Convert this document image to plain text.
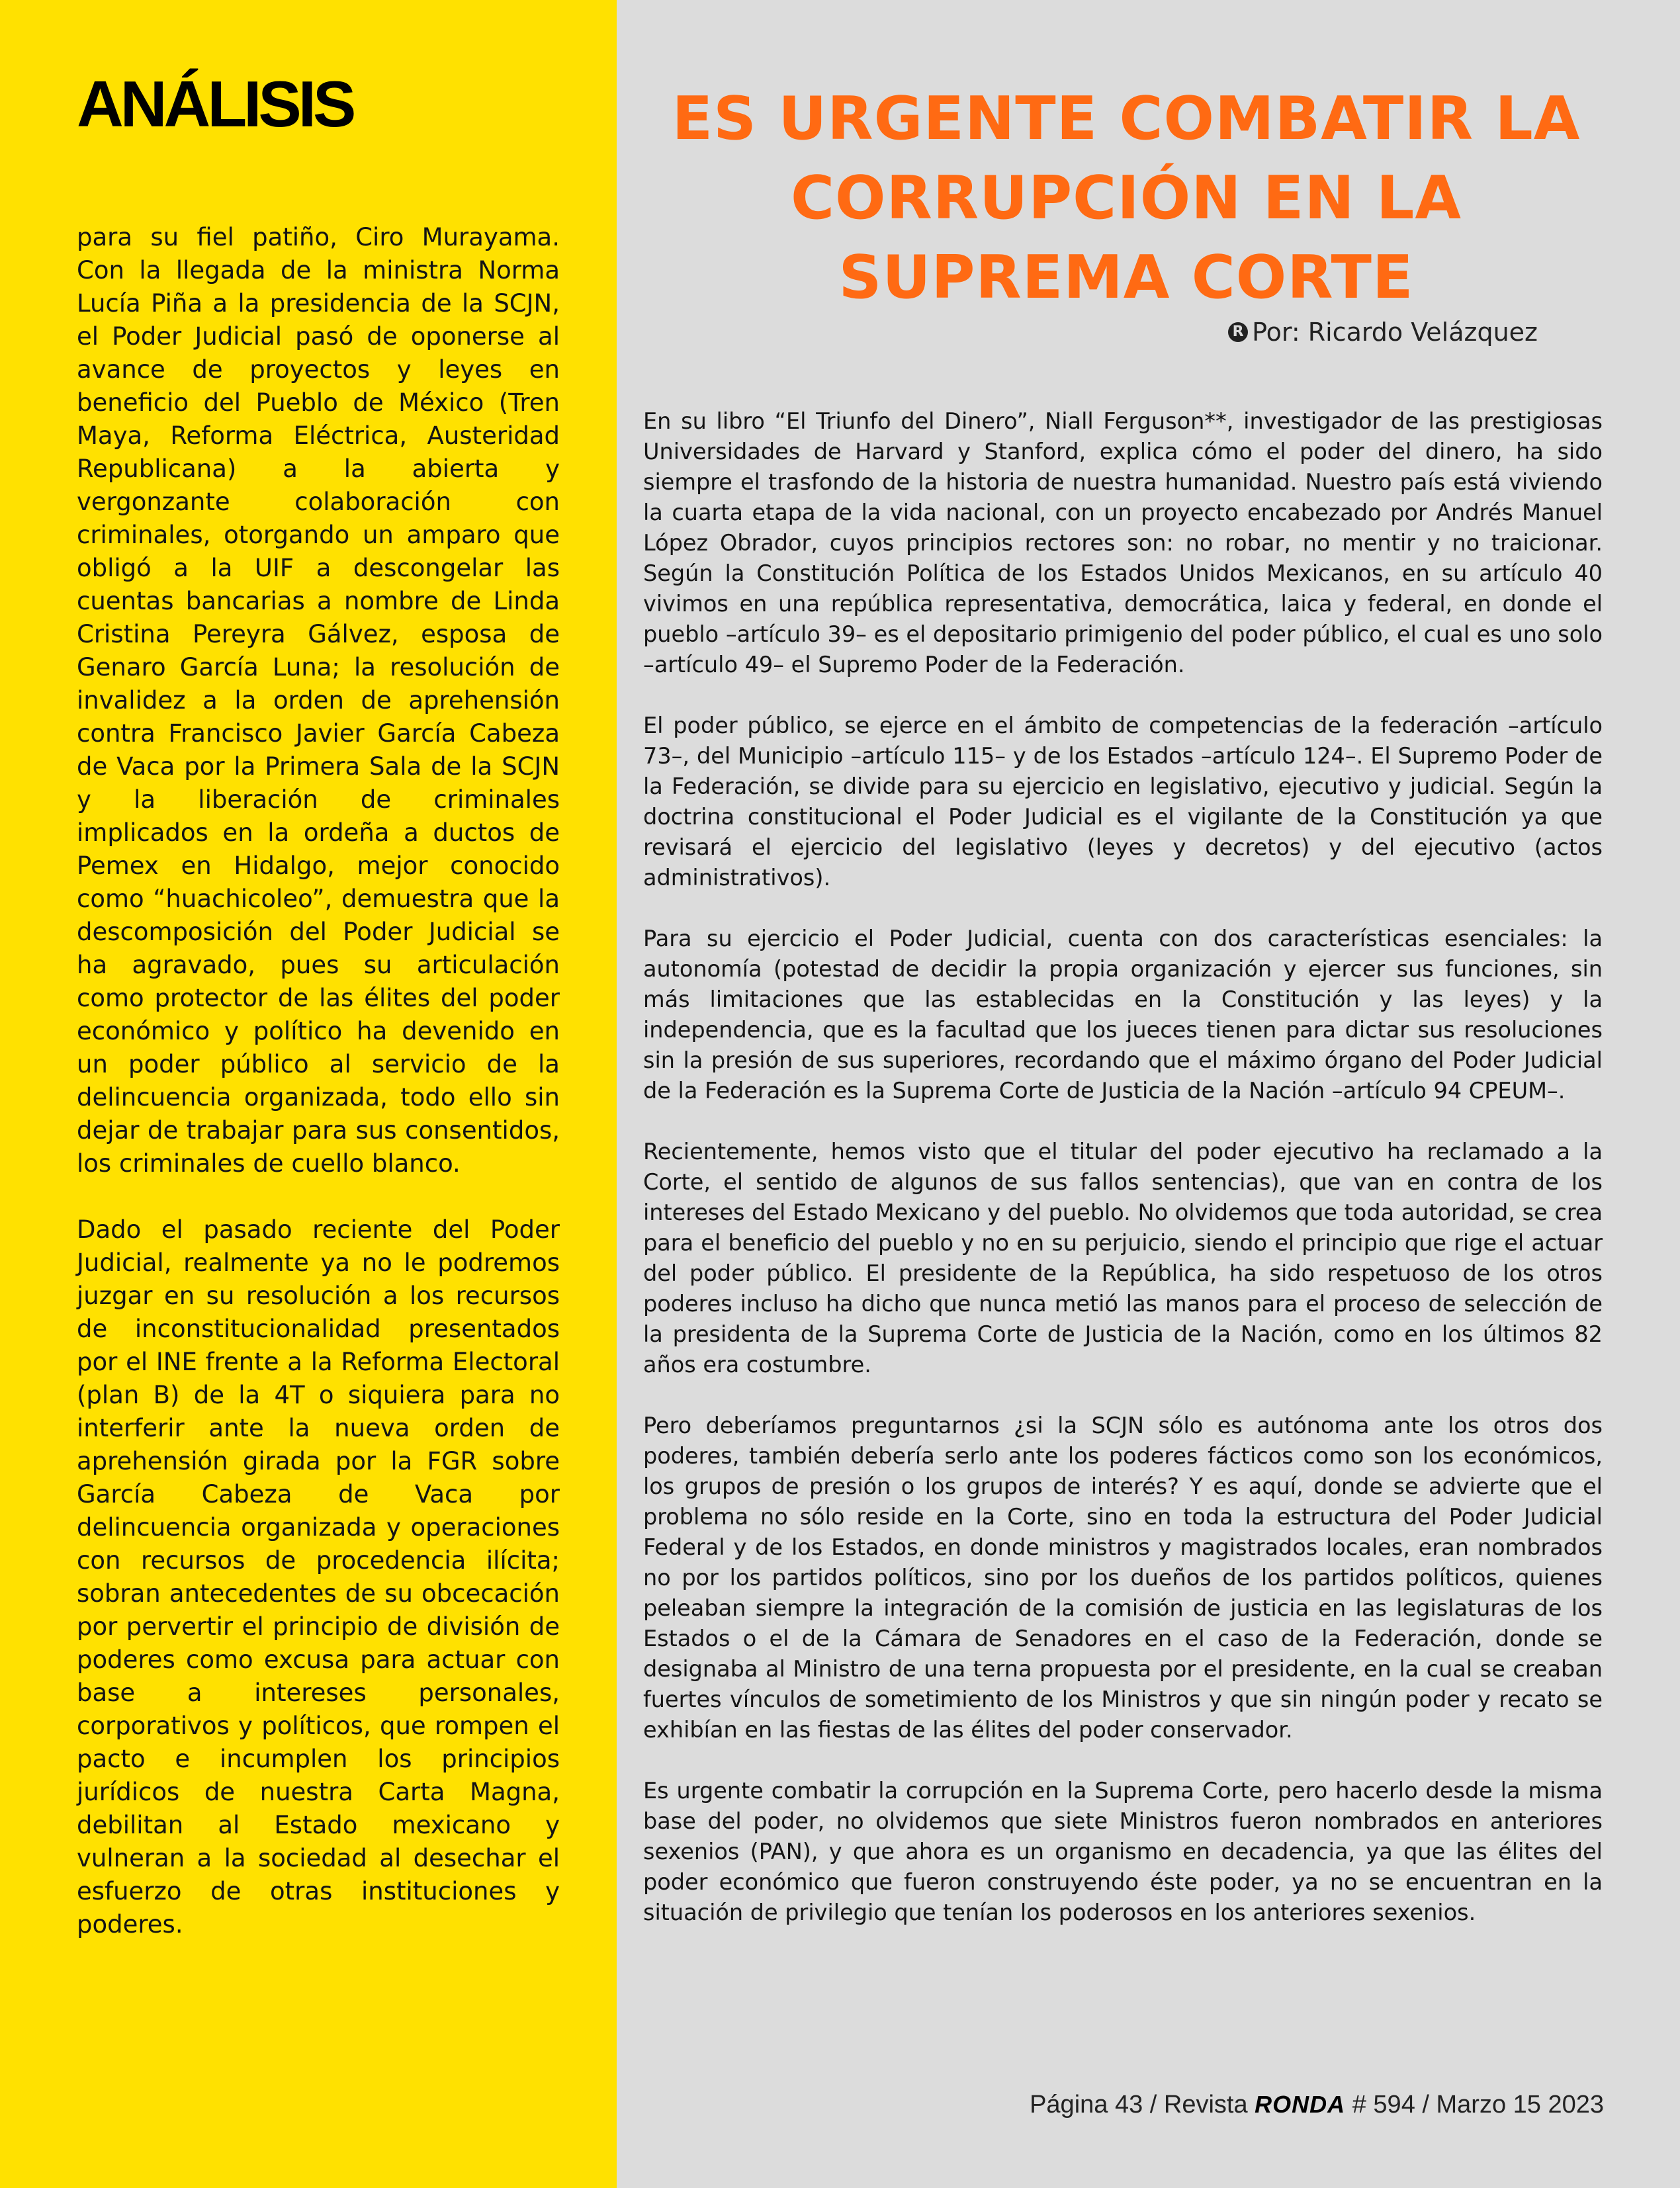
ANÁLISIS

para su fiel patiño, Ciro Murayama. Con la llegada de la ministra Norma Lucía Piña a la presidencia de la SCJN, el Poder Judicial pasó de oponerse al avance de proyectos y leyes en beneficio del Pueblo de México (Tren Maya, Reforma Eléctrica, Austeridad Republicana) a la abierta y vergonzante colaboración con criminales, otorgando un amparo que obligó a la UIF a descongelar las cuentas bancarias a nombre de Linda Cristina Pereyra Gálvez, esposa de Genaro García Luna; la resolución de invalidez a la orden de aprehensión contra Francisco Javier García Cabeza de Vaca por la Primera Sala de la SCJN y la liberación de criminales implicados en la ordeña a ductos de Pemex en Hidalgo, mejor conocido como “huachicoleo”, demuestra que la descomposición del Poder Judicial se ha agravado, pues su articulación como protector de las élites del poder económico y político ha devenido en un poder público al servicio de la delincuencia organizada, todo ello sin dejar de trabajar para sus consentidos, los criminales de cuello blanco.

Dado el pasado reciente del Poder Judicial, realmente ya no le podremos juzgar en su resolución a los recursos de inconstitucionalidad presentados por el INE frente a la Reforma Electoral (plan B) de la 4T o siquiera para no interferir ante la nueva orden de aprehensión girada por la FGR sobre García Cabeza de Vaca por delincuencia organizada y operaciones con recursos de procedencia ilícita; sobran antecedentes de su obcecación por pervertir el principio de división de poderes como excusa para actuar con base a intereses personales, corporativos y políticos, que rompen el pacto e incumplen los principios jurídicos de nuestra Carta Magna, debilitan al Estado mexicano y vulneran a la sociedad al desechar el esfuerzo de otras instituciones y poderes.

ES URGENTE COMBATIR LA CORRUPCIÓN EN LA SUPREMA CORTE
R Por: Ricardo Velázquez

En su libro “El Triunfo del Dinero”, Niall Ferguson**, investigador de las prestigiosas Universidades de Harvard y Stanford, explica cómo el poder del dinero, ha sido siempre el trasfondo de la historia de nuestra humanidad. Nuestro país está viviendo la cuarta etapa de la vida nacional, con un proyecto encabezado por Andrés Manuel López Obrador, cuyos principios rectores son: no robar, no mentir y no traicionar. Según la Constitución Política de los Estados Unidos Mexicanos, en su artículo 40 vivimos en una república representativa, democrática, laica y federal, en donde el pueblo –artículo 39– es el depositario primigenio del poder público, el cual es uno solo –artículo 49– el Supremo Poder de la Federación.

El poder público, se ejerce en el ámbito de competencias de la federación –artículo 73–, del Municipio –artículo 115– y de los Estados –artículo 124–. El Supremo Poder de la Federación, se divide para su ejercicio en legislativo, ejecutivo y judicial. Según la doctrina constitucional el Poder Judicial es el vigilante de la Constitución ya que revisará el ejercicio del legislativo (leyes y decretos) y del ejecutivo (actos administrativos).

Para su ejercicio el Poder Judicial, cuenta con dos características esenciales: la autonomía (potestad de decidir la propia organización y ejercer sus funciones, sin más limitaciones que las establecidas en la Constitución y las leyes) y la independencia, que es la facultad que los jueces tienen para dictar sus resoluciones sin la presión de sus superiores, recordando que el máximo órgano del Poder Judicial de la Federación es la Suprema Corte de Justicia de la Nación –artículo 94 CPEUM–.

Recientemente, hemos visto que el titular del poder ejecutivo ha reclamado a la Corte, el sentido de algunos de sus fallos sentencias), que van en contra de los intereses del Estado Mexicano y del pueblo. No olvidemos que toda autoridad, se crea para el beneficio del pueblo y no en su perjuicio, siendo el principio que rige el actuar del poder público. El presidente de la República, ha sido respetuoso de los otros poderes incluso ha dicho que nunca metió las manos para el proceso de selección de la presidenta de la Suprema Corte de Justicia de la Nación, como en los últimos 82 años era costumbre.

Pero deberíamos preguntarnos ¿si la SCJN sólo es autónoma ante los otros dos poderes, también debería serlo ante los poderes fácticos como son los económicos, los grupos de presión o los grupos de interés? Y es aquí, donde se advierte que el problema no sólo reside en la Corte, sino en toda la estructura del Poder Judicial Federal y de los Estados, en donde ministros y magistrados locales, eran nombrados no por los partidos políticos, sino por los dueños de los partidos políticos, quienes peleaban siempre la integración de la comisión de justicia en las legislaturas de los Estados o el de la Cámara de Senadores en el caso de la Federación, donde se designaba al Ministro de una terna propuesta por el presidente, en la cual se creaban fuertes vínculos de sometimiento de los Ministros y que sin ningún poder y recato se exhibían en las fiestas de las élites del poder conservador.

Es urgente combatir la corrupción en la Suprema Corte, pero hacerlo desde la misma base del poder, no olvidemos que siete Ministros fueron nombrados en anteriores sexenios (PAN), y que ahora es un organismo en decadencia, ya que las élites del poder económico que fueron construyendo éste poder, ya no se encuentran en la situación de privilegio que tenían los poderosos en los anteriores sexenios.

Página 43 / Revista RONDA # 594 / Marzo 15 2023
